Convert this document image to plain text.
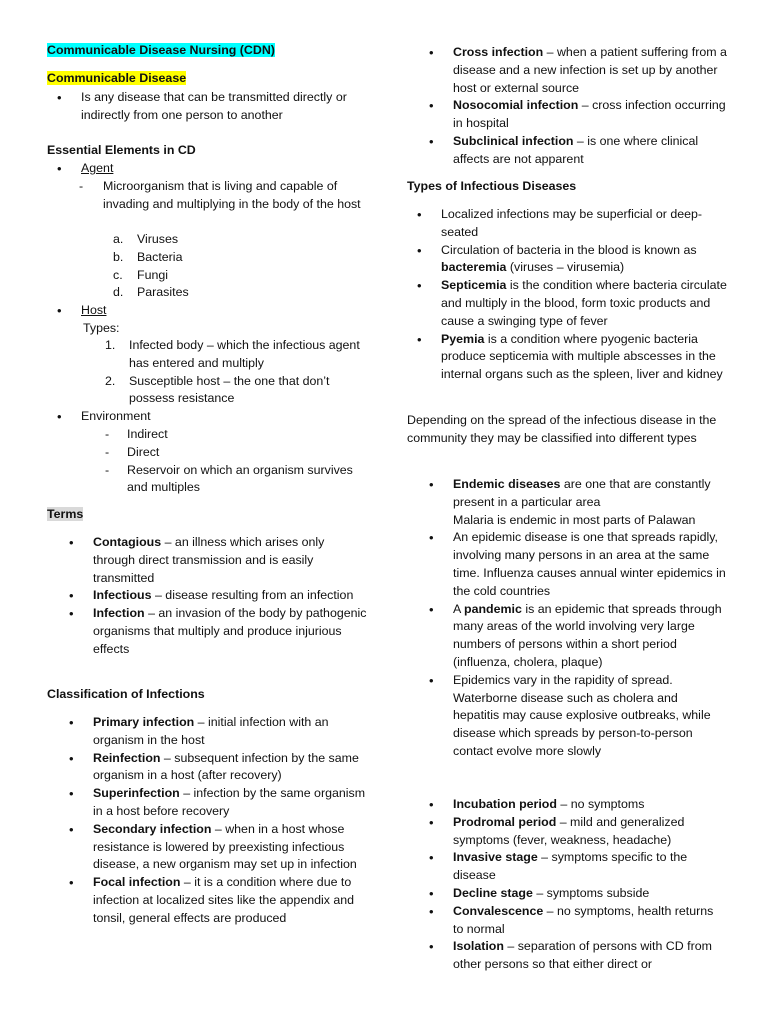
Communicable Disease Nursing (CDN)
Communicable Disease
• Is any disease that can be transmitted directly or indirectly from one person to another
Essential Elements in CD
• Agent
- Microorganism that is living and capable of invading and multiplying in the body of the host
a. Viruses
b. Bacteria
c. Fungi
d. Parasites
• Host
Types:
1. Infected body – which the infectious agent has entered and multiply
2. Susceptible host – the one that don’t possess resistance
• Environment
- Indirect
- Direct
- Reservoir on which an organism survives and multiples
Terms
• Contagious – an illness which arises only through direct transmission and is easily transmitted
• Infectious – disease resulting from an infection
• Infection – an invasion of the body by pathogenic organisms that multiply and produce injurious effects
Classification of Infections
• Primary infection – initial infection with an organism in the host
• Reinfection – subsequent infection by the same organism in a host (after recovery)
• Superinfection – infection by the same organism in a host before recovery
• Secondary infection – when in a host whose resistance is lowered by preexisting infectious disease, a new organism may set up in infection
• Focal infection – it is a condition where due to infection at localized sites like the appendix and tonsil, general effects are produced
• Cross infection – when a patient suffering from a disease and a new infection is set up by another host or external source
• Nosocomial infection – cross infection occurring in hospital
• Subclinical infection – is one where clinical affects are not apparent
Types of Infectious Diseases
• Localized infections may be superficial or deep-seated
• Circulation of bacteria in the blood is known as bacteremia (viruses – virusemia)
• Septicemia is the condition where bacteria circulate and multiply in the blood, form toxic products and cause a swinging type of fever
• Pyemia is a condition where pyogenic bacteria produce septicemia with multiple abscesses in the internal organs such as the spleen, liver and kidney

Depending on the spread of the infectious disease in the community they may be classified into different types

• Endemic diseases are one that are constantly present in a particular area
Malaria is endemic in most parts of Palawan
• An epidemic disease is one that spreads rapidly, involving many persons in an area at the same time. Influenza causes annual winter epidemics in the cold countries
• A pandemic is an epidemic that spreads through many areas of the world involving very large numbers of persons within a short period (influenza, cholera, plaque)
• Epidemics vary in the rapidity of spread. Waterborne disease such as cholera and hepatitis may cause explosive outbreaks, while disease which spreads by person-to-person contact evolve more slowly
• Incubation period – no symptoms
• Prodromal period – mild and generalized symptoms (fever, weakness, headache)
• Invasive stage – symptoms specific to the disease
• Decline stage – symptoms subside
• Convalescence – no symptoms, health returns to normal
• Isolation – separation of persons with CD from other persons so that either direct or
